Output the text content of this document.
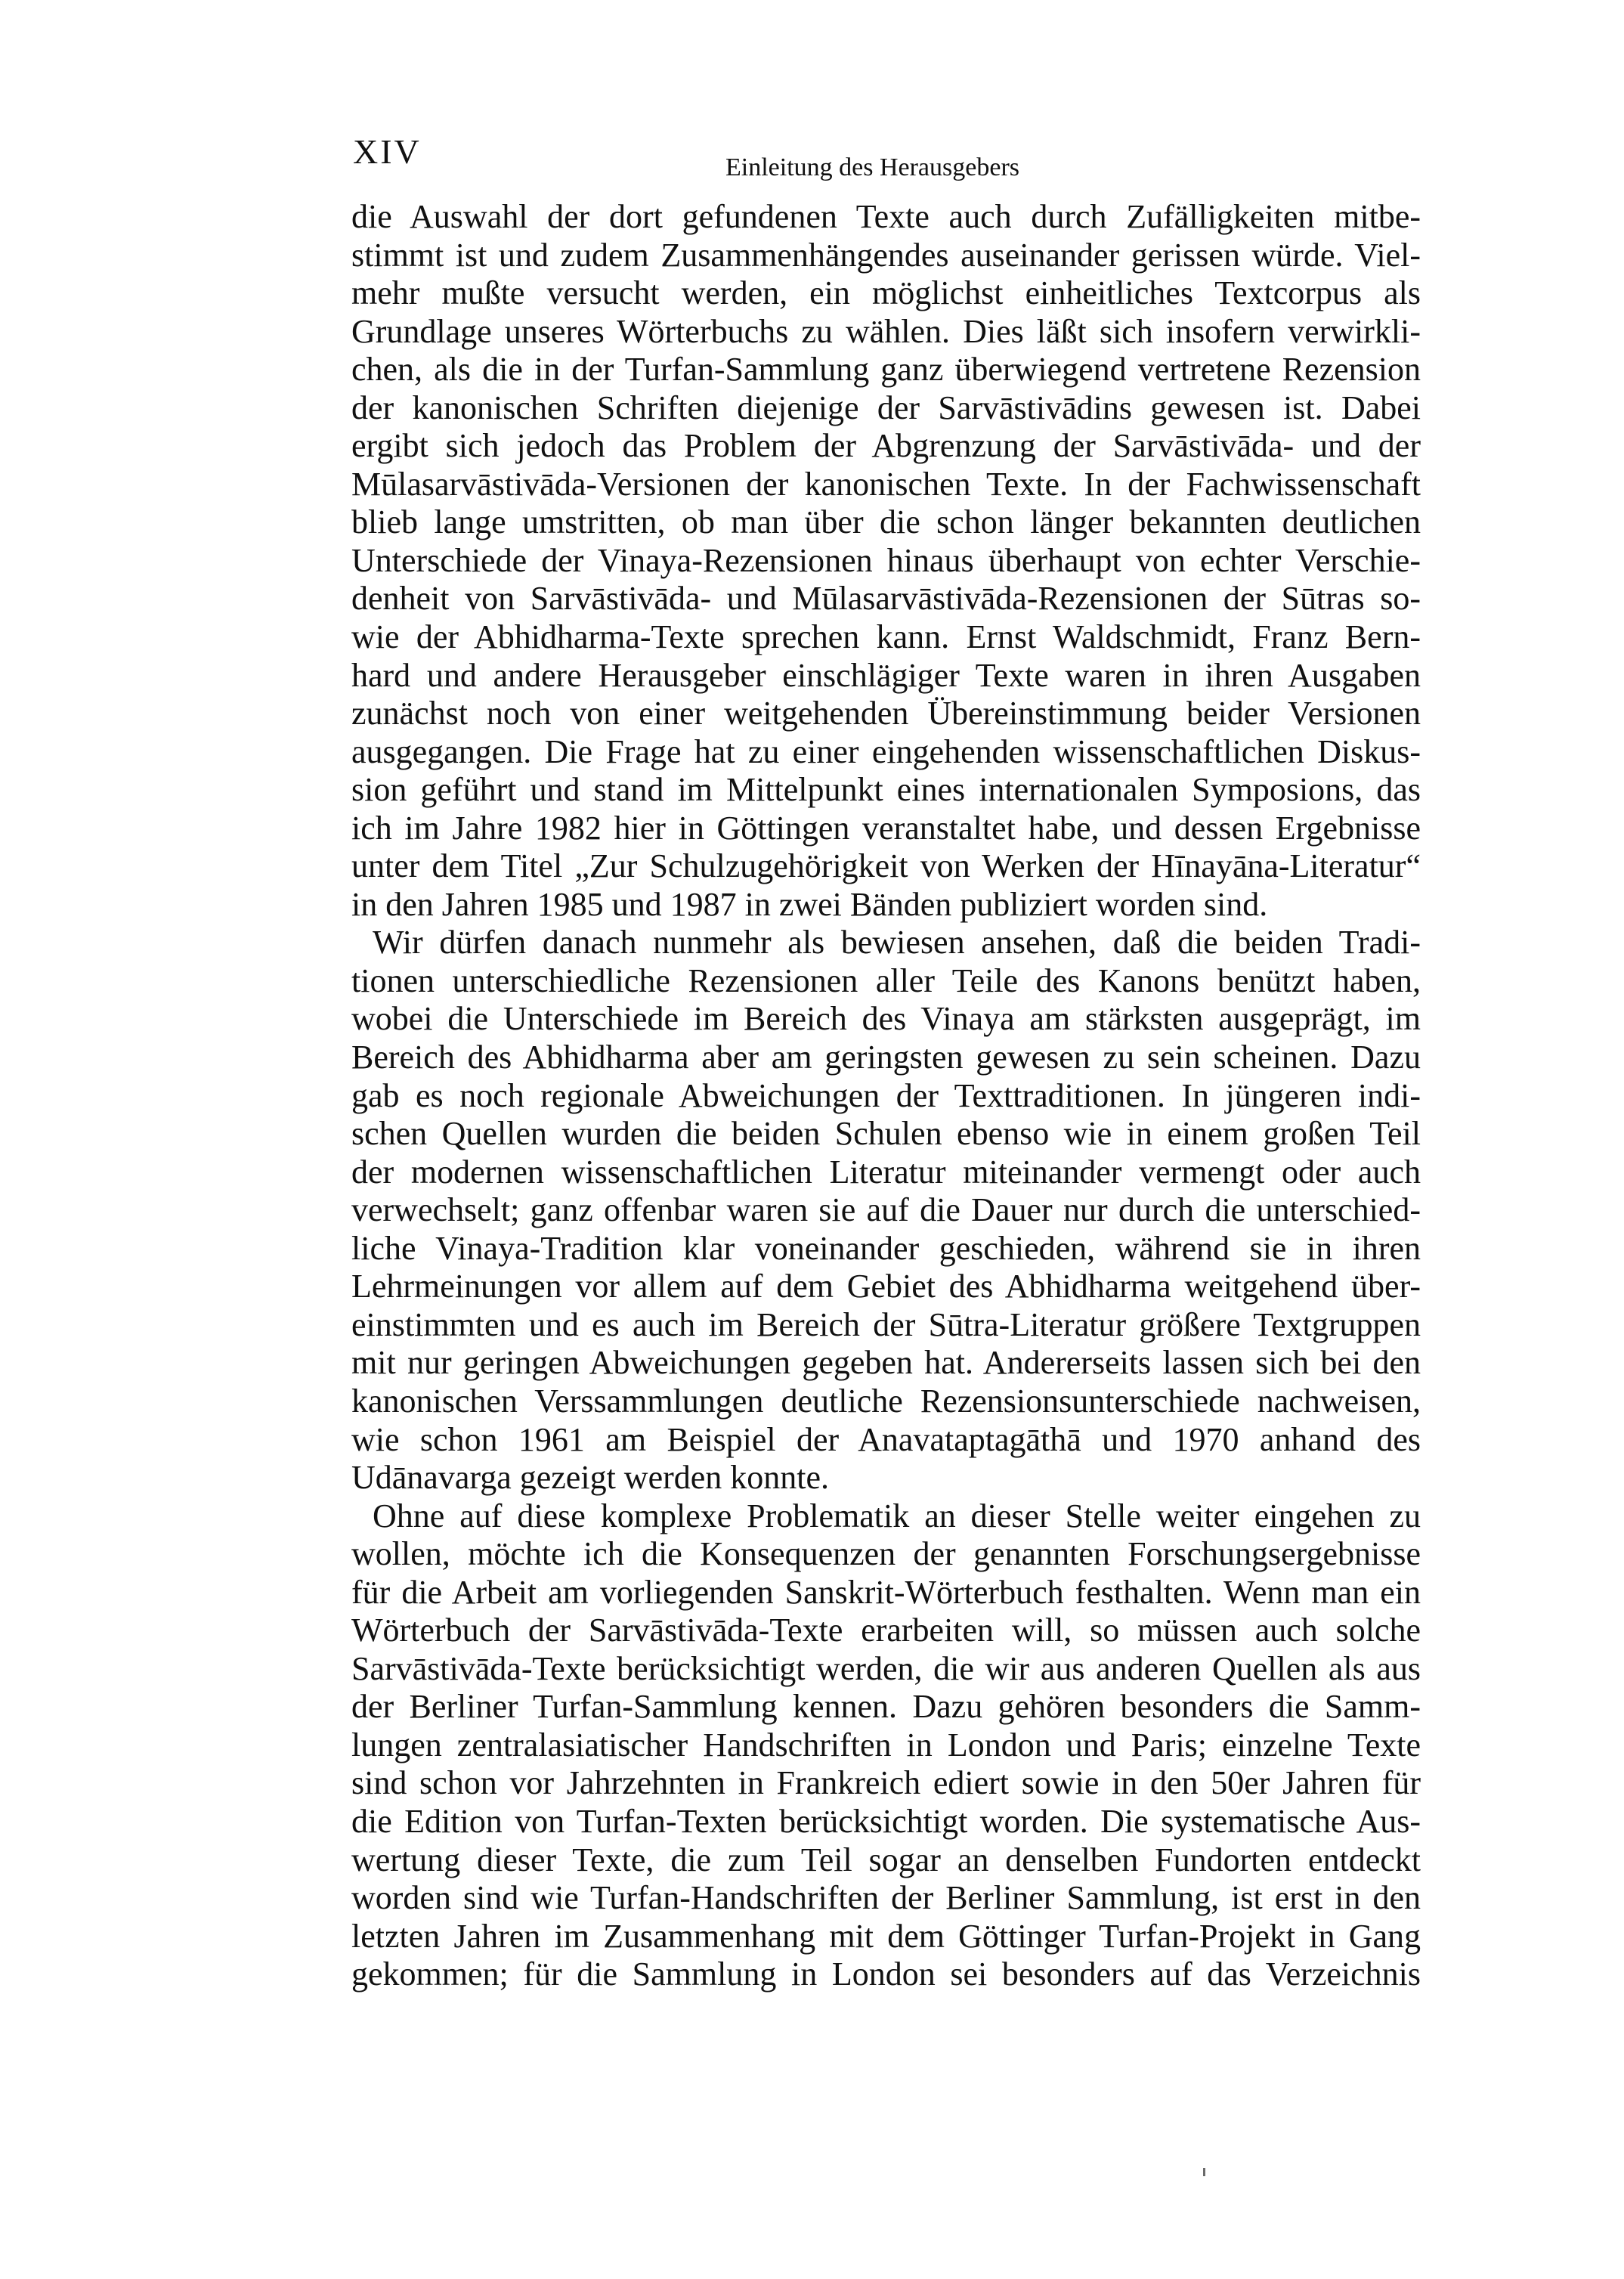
XIV	Einleitung des Herausgebers
die Auswahl der dort gefundenen Texte auch durch Zufälligkeiten mitbe-
stimmt ist und zudem Zusammenhängendes auseinander gerissen würde. Viel-
mehr mußte versucht werden, ein möglichst einheitliches Textcorpus als
Grundlage unseres Wörterbuchs zu wählen. Dies läßt sich insofern verwirkli-
chen, als die in der Turfan-Sammlung ganz überwiegend vertretene Rezension
der kanonischen Schriften diejenige der Sarvāstivādins gewesen ist. Dabei
ergibt sich jedoch das Problem der Abgrenzung der Sarvāstivāda- und der
Mūlasarvāstivāda-Versionen der kanonischen Texte. In der Fachwissenschaft
blieb lange umstritten, ob man über die schon länger bekannten deutlichen
Unterschiede der Vinaya-Rezensionen hinaus überhaupt von echter Verschie-
denheit von Sarvāstivāda- und Mūlasarvāstivāda-Rezensionen der Sūtras so-
wie der Abhidharma-Texte sprechen kann. Ernst Waldschmidt, Franz Bern-
hard und andere Herausgeber einschlägiger Texte waren in ihren Ausgaben
zunächst noch von einer weitgehenden Übereinstimmung beider Versionen
ausgegangen. Die Frage hat zu einer eingehenden wissenschaftlichen Diskus-
sion geführt und stand im Mittelpunkt eines internationalen Symposions, das
ich im Jahre 1982 hier in Göttingen veranstaltet habe, und dessen Ergebnisse
unter dem Titel „Zur Schulzugehörigkeit von Werken der Hīnayāna-Literatur“
in den Jahren 1985 und 1987 in zwei Bänden publiziert worden sind.
Wir dürfen danach nunmehr als bewiesen ansehen, daß die beiden Tradi-
tionen unterschiedliche Rezensionen aller Teile des Kanons benützt haben,
wobei die Unterschiede im Bereich des Vinaya am stärksten ausgeprägt, im
Bereich des Abhidharma aber am geringsten gewesen zu sein scheinen. Dazu
gab es noch regionale Abweichungen der Texttraditionen. In jüngeren indi-
schen Quellen wurden die beiden Schulen ebenso wie in einem großen Teil
der modernen wissenschaftlichen Literatur miteinander vermengt oder auch
verwechselt; ganz offenbar waren sie auf die Dauer nur durch die unterschied-
liche Vinaya-Tradition klar voneinander geschieden, während sie in ihren
Lehrmeinungen vor allem auf dem Gebiet des Abhidharma weitgehend über-
einstimmten und es auch im Bereich der Sūtra-Literatur größere Textgruppen
mit nur geringen Abweichungen gegeben hat. Andererseits lassen sich bei den
kanonischen Verssammlungen deutliche Rezensionsunterschiede nachweisen,
wie schon 1961 am Beispiel der Anavataptagāthā und 1970 anhand des
Udānavarga gezeigt werden konnte.
Ohne auf diese komplexe Problematik an dieser Stelle weiter eingehen zu
wollen, möchte ich die Konsequenzen der genannten Forschungsergebnisse
für die Arbeit am vorliegenden Sanskrit-Wörterbuch festhalten. Wenn man ein
Wörterbuch der Sarvāstivāda-Texte erarbeiten will, so müssen auch solche
Sarvāstivāda-Texte berücksichtigt werden, die wir aus anderen Quellen als aus
der Berliner Turfan-Sammlung kennen. Dazu gehören besonders die Samm-
lungen zentralasiatischer Handschriften in London und Paris; einzelne Texte
sind schon vor Jahrzehnten in Frankreich ediert sowie in den 50er Jahren für
die Edition von Turfan-Texten berücksichtigt worden. Die systematische Aus-
wertung dieser Texte, die zum Teil sogar an denselben Fundorten entdeckt
worden sind wie Turfan-Handschriften der Berliner Sammlung, ist erst in den
letzten Jahren im Zusammenhang mit dem Göttinger Turfan-Projekt in Gang
gekommen; für die Sammlung in London sei besonders auf das Verzeichnis
